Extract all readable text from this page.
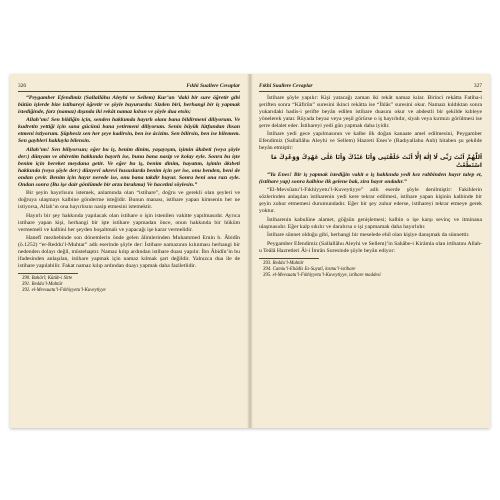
326	Fıkhî Suallere Cevaplar

“Peygamber Efendimiz (Sallallâhu Aleyhi ve Sellem) Kur’an ’daki bir sure öğretir gibi bütün işlerde bize istihareyi öğretir ve şöyle buyururdu: Sizden biri, herhangi bir iş yapmak istediğinde, farz (namaz) dışında iki rekât namaz kılsın ve şöyle dua etsin;

Allah’ım! Sen bildiğin için, senden hakkımda hayırlı olanı bana bildirmeni diliyorum. Ve kudretin yettiği için sana gücünü bana yetirmeni diliyorum. Senin büyük lütfundan ihsan etmeni istiyorum. Şüphesiz sen her şeye kadirsin, ben ise âcizim. Sen bilirsin, ben ise bilemem. Sen gaybleri hakkıyla bilensin.

Allah’ım! Sen biliyorsun; eğer bu iş, benim dinim, yaşayışım, işimin âkıbeti (veya şöyle der:) dünyam ve ahiretim hakkında hayırlı ise, bunu bana nasip ve kolay eyle. Sonra bu işte benim için bereket meydana getir. Ve eğer bu iş, benim dinim, hayatım, işimin âkıbeti hakkında (veya şöyle der:) dünyevî ukrevî hususlarda benim için şer ise, onu benden, beni de ondan çevir. Benim için hayır nerede ise, onu bana takdir buyur. Sonra beni ona razı eyle. Ondan sonra (Bu işe dair gönlümde bir arzu bırakma) Ve hacetini söylesin.”

Bir şeyin hayırlısını istemek, anlamında olan “istihare”, doğru ve gerekli olan şeyleri ve doğruya ulaşmayı kalbine gönderme isteğidir. Bunun manası, istihare yapan kimsenin her ne istiyorsa, Allah’ın ona hayırlısını nasip etmesini istemektir.

Hayırlı bir şey hakkında yapılacak olan istihare o işin istenilen vakitte yapılmasıdır. Ayrıca istihare yapan kişi, herhangi bir işte istihare yapmadan önce, onun hakkında bir hüküm vermemeli ve kalbini her şeyden boşaltmalı ve yapacağı işe karar vermelidir.

Hanefî mezhebinde son dönemlerin önde gelen âlimlerinden Muhammed Emin b. Âbidîn (ö.1252) “er-Reddu’l-Muhtar” adlı eserinde şöyle der: İstihare namazının kılınması herhangi bir nedenden dolayı değil, müstehaptır. Namaz kılıp ardından istihare duası yapılır. İbn Âbidîn’in bu ifadesinden anlaşılan, istihare yapmak için namaz kılmak şart değildir. Yalnızca dua ile de istihare yapılabilir. Fakat namaz kılıp ardından duayı yapmak daha faziletlidir.

390. Buhârî; Kütüb-i Sitte

391. Reddu’l-Muhtâr

392. el-Mevsuatu’l-Fıkhiyyetu’l-Kuveytiyye

Fıkhî Suallere Cevaplar	327

İstihare şöyle yapılır: Kişi yatacağı zaman iki rekât namaz kılar. Birinci rekâtta Fatiha-i şeriften sonra “Kâfirûn” suresini ikinci rekâtta ise “İhlâs” suresini okur. Namazı kıldıktan sonra yukarıdaki hadis-i şerifte beyân edilen istihare duasını okur ve abdestli bir şekilde kıbleye yönelerek yatar. Rüyada beyaz veya yeşil görürse o iş hayırlıdır, siyah veya kırmızı görülmesi ise şerre delalet eder. İstihareyi yedi gün yapmak daha iyidir.

İstihare yedi gece yapılmasının ve kalbe ilk doğan kanaate amel edilmesini, Peygamber Efendimiz (Sallallâhu Aleyhi ve Sellem) Hazreti Enes’e (Radıyallahu Anh) hitaben şu şekilde beyân etmiştir:

اَللّٰهُمَّ اَنْتَ رَبِّى لَا اِلٰهَ اِلَّا اَنْتَ خَلَقْتَنِى وَاَنَا عَبْدُكَ وَاَنَا عَلٰى عَهْدِكَ وَوَعْدِكَ مَا اسْتَطَعْتُ

“Ya Enes! Bir iş yapmak istediğin vakit o iş hakkında yedi kez rabbinden hayır talep et, (istihare yap) sonra kalbine ilk gelene bak, zira hayır ondadır.”

“El-Mevsûatu’l-Fıkhiyyetu’l-Kuveytiyye” adlı eserde şöyle denilmiştir: Fakihlerin sözlerinden anlaşılan istiharenin yedi kere tekrar edilmesi, istihare yapan kişinin kalbinde bir şeyin zuhur etmemesi durumundadır. Eğer bir şey zuhur ederse, istihareyi tekrar etmeye gerek yoktur.

İstiharenin kabulüne alamet, göğsün genişlemesi; kalbin o işe karşı sevinç ve itminana ulaşmasıdır. Eğer kalp sıkılır ve daralırsa o işi yapmamak daha hayırlıdır.

İstihare sünnet olduğu gibi, herhangi bir meselede ehil olan kişiye danışmak da sünnettir.

Peygamber Efendimiz (Sallallâhu Aleyhi ve Sellem)’in Sahâbe-i Kirâmla olan irtibatını Allah-u Teâlâ Hazretleri Âl-i İmrân Suresinde şöyle beyân ediyor:

393. Reddu’l-Muhtâr

394. Camiu’l-Ehâdîs Es-Suyutî, kısmu’l-istihare

395. el-Mevsuatu’l-Fıkhiyyetu’l-Kuveytiyye, istihare maddesi
